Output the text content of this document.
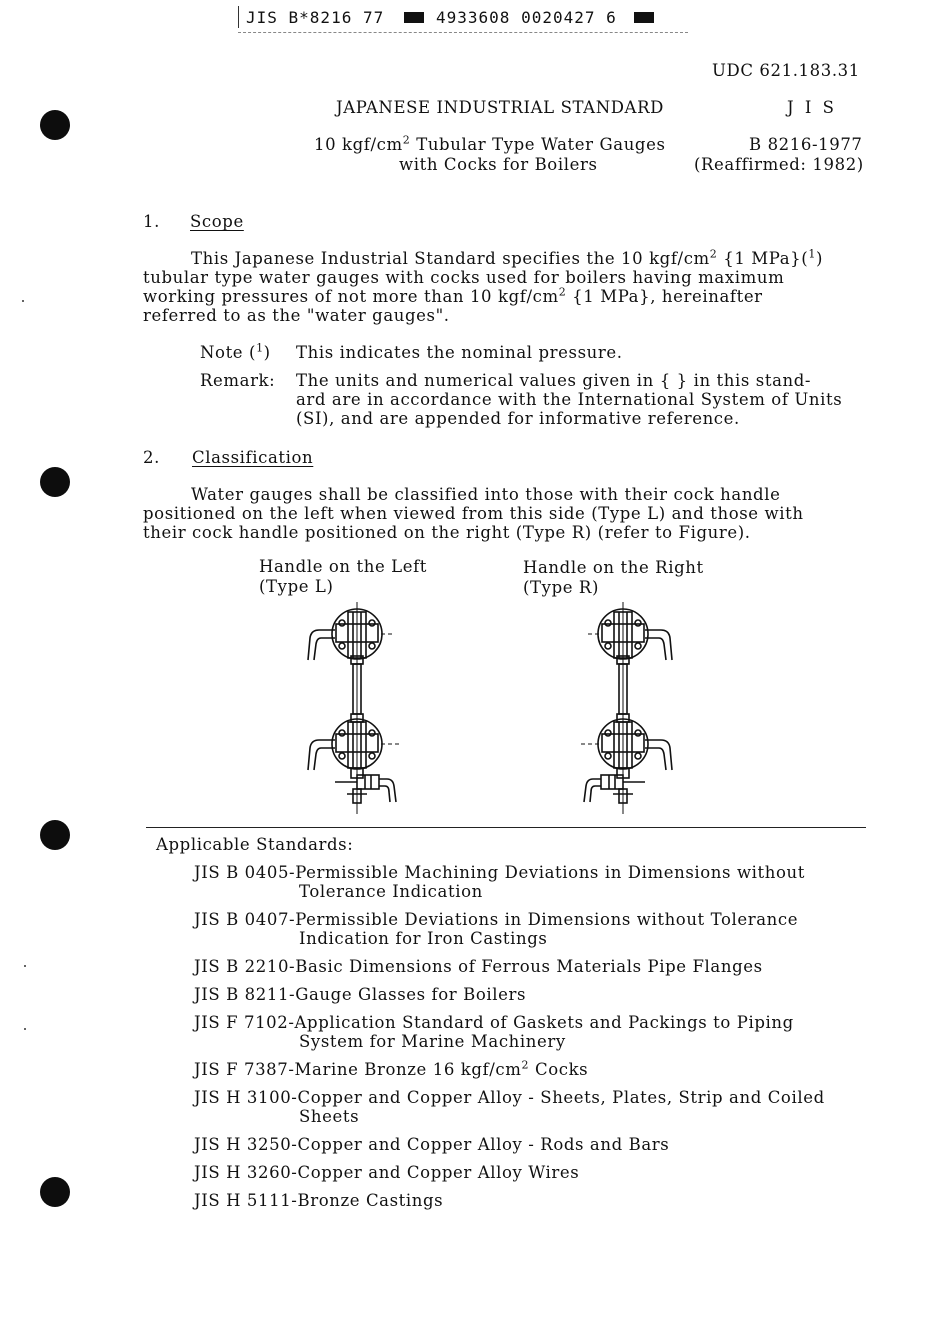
JIS B*8216 77	4933608 0020427 6
UDC 621.183.31
JAPANESE INDUSTRIAL STANDARD	J I S
10 kgf/$cm^2$ Tubular Type Water Gauges
with Cocks for Boilers
B 8216-1977
(Reaffirmed: 1982)
1. Scope
This Japanese Industrial Standard specifies the 10 kgf/$cm^2$ {1 MPa}($^1$)
tubular type water gauges with cocks used for boilers having maximum
working pressures of not more than 10 kgf/$cm^2$ {1 MPa}, hereinafter
referred to as the "water gauges".
Note ($^1$) This indicates the nominal pressure.
Remark: The units and numerical values given in { } in this stand-
ard are in accordance with the International System of Units
(SI), and are appended for informative reference.
2. Classification
Water gauges shall be classified into those with their cock handle
positioned on the left when viewed from this side (Type L) and those with
their cock handle positioned on the right (Type R) (refer to Figure).
Handle on the Left
(Type L)
Handle on the Right
(Type R)
Applicable Standards:
JIS B 0405-Permissible Machining Deviations in Dimensions without
Tolerance Indication
JIS B 0407-Permissible Deviations in Dimensions without Tolerance
Indication for Iron Castings
JIS B 2210-Basic Dimensions of Ferrous Materials Pipe Flanges
JIS B 8211-Gauge Glasses for Boilers
JIS F 7102-Application Standard of Gaskets and Packings to Piping
System for Marine Machinery
JIS F 7387-Marine Bronze 16 kgf/$cm^2$ Cocks
JIS H 3100-Copper and Copper Alloy - Sheets, Plates, Strip and Coiled
Sheets
JIS H 3250-Copper and Copper Alloy - Rods and Bars
JIS H 3260-Copper and Copper Alloy Wires
JIS H 5111-Bronze Castings
